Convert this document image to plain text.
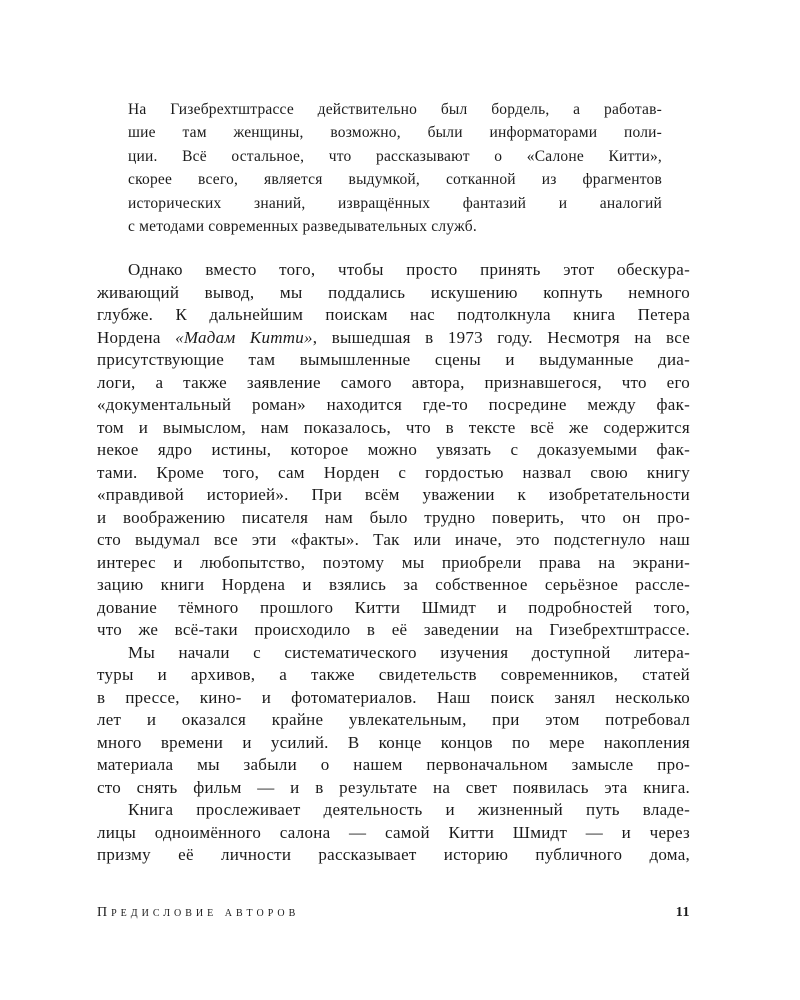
На Гизебрехтштрассе действительно был бордель, а работав-
шие там женщины, возможно, были информаторами поли-
ции. Всё остальное, что рассказывают о «Салоне Китти»,
скорее всего, является выдумкой, сотканной из фрагментов
исторических знаний, извращённых фантазий и аналогий
с методами современных разведывательных служб.
Однако вместо того, чтобы просто принять этот обескура-
живающий вывод, мы поддались искушению копнуть немного
глубже. К дальнейшим поискам нас подтолкнула книга Петера
Нордена «Мадам Китти», вышедшая в 1973 году. Несмотря на все
присутствующие там вымышленные сцены и выдуманные диа-
логи, а также заявление самого автора, признавшегося, что его
«документальный роман» находится где-то посредине между фак-
том и вымыслом, нам показалось, что в тексте всё же содержится
некое ядро истины, которое можно увязать с доказуемыми фак-
тами. Кроме того, сам Норден с гордостью назвал свою книгу
«правдивой историей». При всём уважении к изобретательности
и воображению писателя нам было трудно поверить, что он про-
сто выдумал все эти «факты». Так или иначе, это подстегнуло наш
интерес и любопытство, поэтому мы приобрели права на экрани-
зацию книги Нордена и взялись за собственное серьёзное рассле-
дование тёмного прошлого Китти Шмидт и подробностей того,
что же всё-таки происходило в её заведении на Гизебрехтштрассе.
Мы начали с систематического изучения доступной литера-
туры и архивов, а также свидетельств современников, статей
в прессе, кино- и фотоматериалов. Наш поиск занял несколько
лет и оказался крайне увлекательным, при этом потребовал
много времени и усилий. В конце концов по мере накопления
материала мы забыли о нашем первоначальном замысле про-
сто снять фильм — и в результате на свет появилась эта книга.
Книга прослеживает деятельность и жизненный путь владе-
лицы одноимённого салона — самой Китти Шмидт — и через
призму её личности рассказывает историю публичного дома,
Предисловие авторов	11
